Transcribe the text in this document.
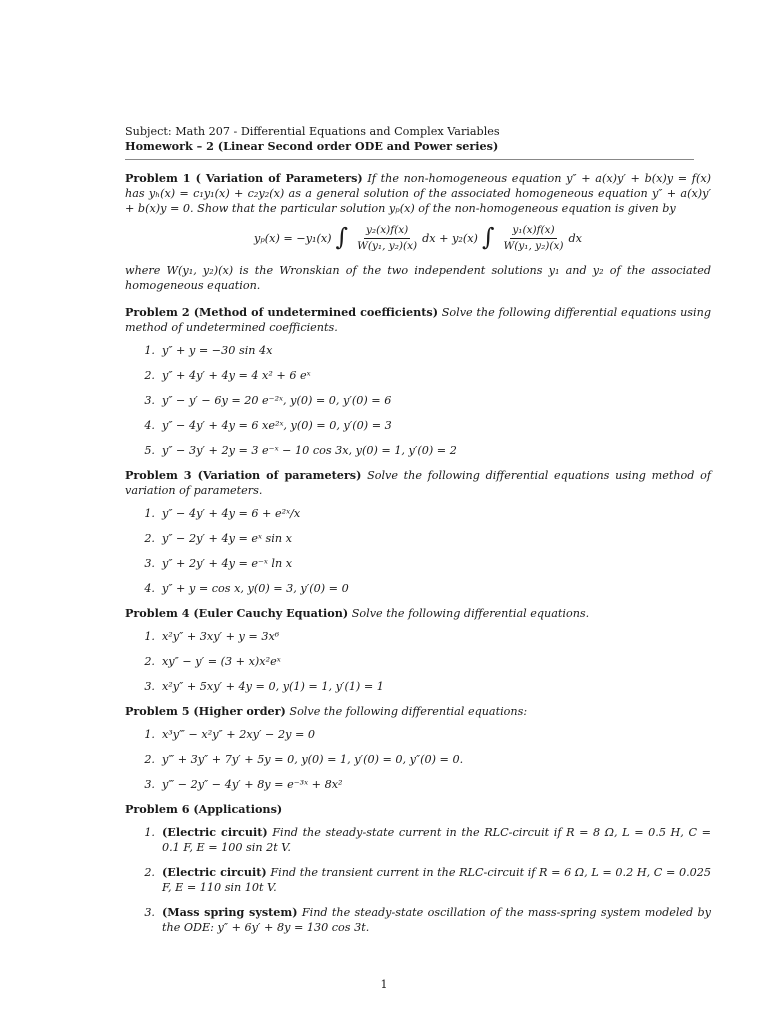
Subject: Math 207 - Differential Equations and Complex Variables
Homework – 2 (Linear Second order ODE and Power series)
Problem 1 ( Variation of Parameters) If the non-homogeneous equation y″ + a(x)y′ + b(x)y = f(x) has yₕ(x) = c₁y₁(x) + c₂y₂(x) as a general solution of the associated homogeneous equation y″ + a(x)y′ + b(x)y = 0. Show that the particular solution yₚ(x) of the non-homogeneous equation is given by
yₚ(x) = −y₁(x) ∫ $\frac{\text{y₂(x)f(x)}}{\text{W(y₁, y₂)(x)}}$ dx + y₂(x) ∫ $\frac{\text{y₁(x)f(x)}}{\text{W(y₁, y₂)(x)}}$ dx
where W(y₁, y₂)(x) is the Wronskian of the two independent solutions y₁ and y₂ of the associated homogeneous equation.
Problem 2 (Method of undetermined coefficients) Solve the following differential equations using method of undetermined coefficients.
1. y″ + y = −30 sin 4x
2. y″ + 4y′ + 4y = 4 x² + 6 eˣ
3. y″ − y′ − 6y = 20 e⁻²ˣ, y(0) = 0, y′(0) = 6
4. y″ − 4y′ + 4y = 6 xe²ˣ, y(0) = 0, y′(0) = 3
5. y″ − 3y′ + 2y = 3 e⁻ˣ − 10 cos 3x, y(0) = 1, y′(0) = 2
Problem 3 (Variation of parameters) Solve the following differential equations using method of variation of parameters.
1. y″ − 4y′ + 4y = 6 + e²ˣ/x
2. y″ − 2y′ + 4y = eˣ sin x
3. y″ + 2y′ + 4y = e⁻ˣ ln x
4. y″ + y = cos x, y(0) = 3, y′(0) = 0
Problem 4 (Euler Cauchy Equation) Solve the following differential equations.
1. x²y″ + 3xy′ + y = 3x⁶
2. xy″ − y′ = (3 + x)x²eˣ
3. x²y″ + 5xy′ + 4y = 0, y(1) = 1, y′(1) = 1
Problem 5 (Higher order) Solve the following differential equations:
1. x³y‴ − x²y″ + 2xy′ − 2y = 0
2. y‴ + 3y″ + 7y′ + 5y = 0, y(0) = 1, y′(0) = 0, y″(0) = 0.
3. y‴ − 2y″ − 4y′ + 8y = e⁻³ˣ + 8x²
Problem 6 (Applications)
1. (Electric circuit) Find the steady-state current in the RLC-circuit if R = 8 Ω, L = 0.5 H, C = 0.1 F, E = 100 sin 2t V.
2. (Electric circuit) Find the transient current in the RLC-circuit if R = 6 Ω, L = 0.2 H, C = 0.025 F, E = 110 sin 10t V.
3. (Mass spring system) Find the steady-state oscillation of the mass-spring system modeled by the ODE: y″ + 6y′ + 8y = 130 cos 3t.
1
